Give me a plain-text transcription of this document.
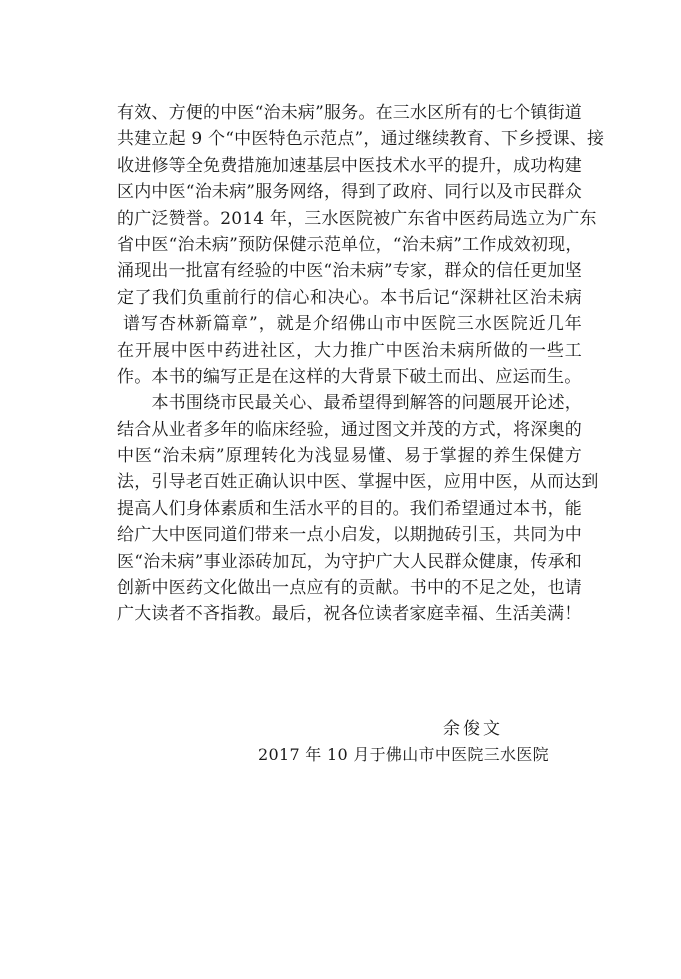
有效、方便的中医“治未病”服务。在三水区所有的七个镇街道
共建立起 9 个“中医特色示范点”，通过继续教育、下乡授课、接
收进修等全免费措施加速基层中医技术水平的提升，成功构建
区内中医“治未病”服务网络，得到了政府、同行以及市民群众
的广泛赞誉。2014 年，三水医院被广东省中医药局选立为广东
省中医“治未病”预防保健示范单位，“治未病”工作成效初现，
涌现出一批富有经验的中医“治未病”专家，群众的信任更加坚
定了我们负重前行的信心和决心。本书后记“深耕社区治未病
谱写杏林新篇章”，就是介绍佛山市中医院三水医院近几年
在开展中医中药进社区，大力推广中医治未病所做的一些工
作。本书的编写正是在这样的大背景下破土而出、应运而生。
　　本书围绕市民最关心、最希望得到解答的问题展开论述，
结合从业者多年的临床经验，通过图文并茂的方式，将深奥的
中医“治未病”原理转化为浅显易懂、易于掌握的养生保健方
法，引导老百姓正确认识中医、掌握中医，应用中医，从而达到
提高人们身体素质和生活水平的目的。我们希望通过本书，能
给广大中医同道们带来一点小启发，以期抛砖引玉，共同为中
医“治未病”事业添砖加瓦，为守护广大人民群众健康，传承和
创新中医药文化做出一点应有的贡献。书中的不足之处，也请
广大读者不吝指教。最后，祝各位读者家庭幸福、生活美满！
余俊文
2017 年 10 月于佛山市中医院三水医院
